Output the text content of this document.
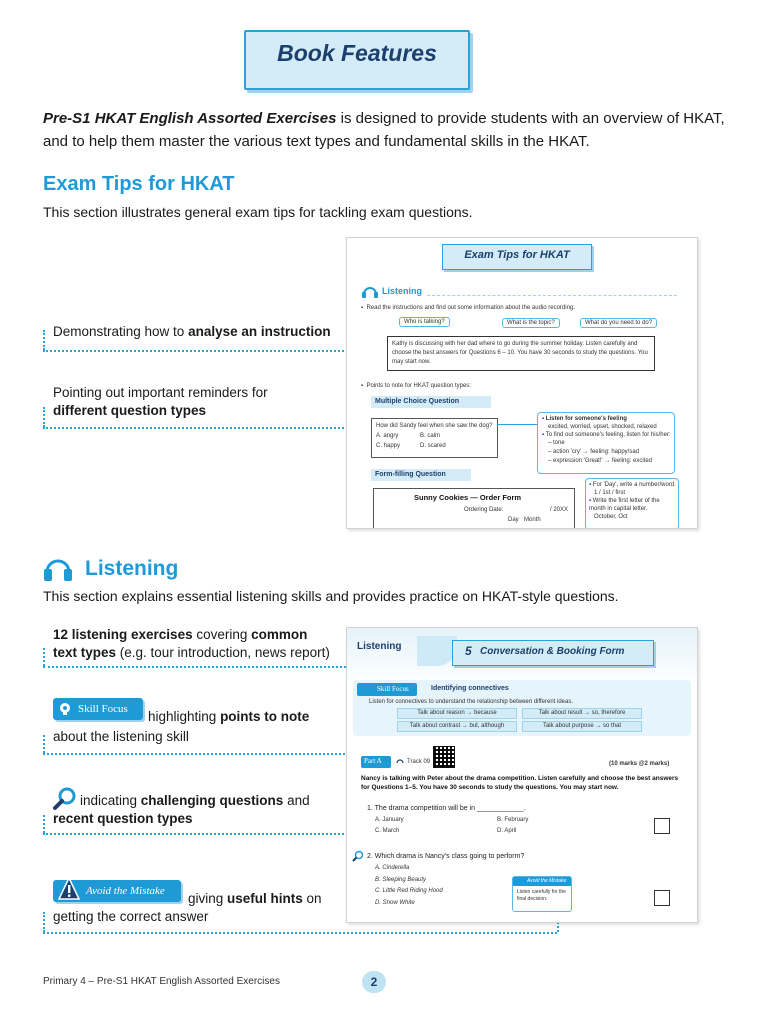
Book Features
Pre-S1 HKAT English Assorted Exercises is designed to provide students with an overview of HKAT, and to help them master the various text types and fundamental skills in the HKAT.
Exam Tips for HKAT
This section illustrates general exam tips for tackling exam questions.
Demonstrating how to analyse an instruction
Pointing out important reminders for
different question types
Exam Tips for HKAT
Listening
▪  Read the instructions and find out some information about the audio recording.
Who is talking?	What is the topic?	What do you need to do?
Kathy is discussing with her dad where to go during the summer holiday. Listen carefully and choose the best answers for Questions 6 – 10. You have 30 seconds to study the questions. You may start now.
▪  Points to note for HKAT question types:
Multiple Choice Question
How did Sandy feel when she saw the dog?
A. angry	B. calm
C. happy	D. scared
▪ Listen for someone's feeling
excited, worried, upset, shocked, relaxed
▪ To find out someone's feeling, listen for his/her:
– tone
– action 'cry' → feeling: happy/sad
– expression 'Great!' → feeling: excited
Form-filling Question
Sunny Cookies — Order Form
Ordering Date:	/ 20XX
Day Month
▪ For 'Day', write a number/word.
1 / 1st / first
▪ Write the first letter of the month in capital letter.
October, Oct
Listening
This section explains essential listening skills and provides practice on HKAT-style questions.
12 listening exercises covering common text types (e.g. tour introduction, news report)
Skill Focus highlighting points to note
about the listening skill
indicating challenging questions and
recent question types
Avoid the Mistake giving useful hints on
getting the correct answer
Listening	5 Conversation & Booking Form
Skill Focus	Identifying connectives
Listen for connectives to understand the relationship between different ideas.
Talk about reason → because	Talk about result → so, therefore
Talk about contrast → but, although	Talk about purpose → so that
Part A	Track 09	(10 marks @2 marks)
Nancy is talking with Peter about the drama competition. Listen carefully and choose the best answers for Questions 1–5. You have 30 seconds to study the questions. You may start now.
1. The drama competition will be in ____________.
A. January	B. February
C. March	D. April
2. Which drama is Nancy's class going to perform?
A. Cinderella
B. Sleeping Beauty
C. Little Red Riding Hood
D. Snow White
Avoid the Mistake
Listen carefully for the final decision.
Primary 4 – Pre-S1 HKAT English Assorted Exercises	2
